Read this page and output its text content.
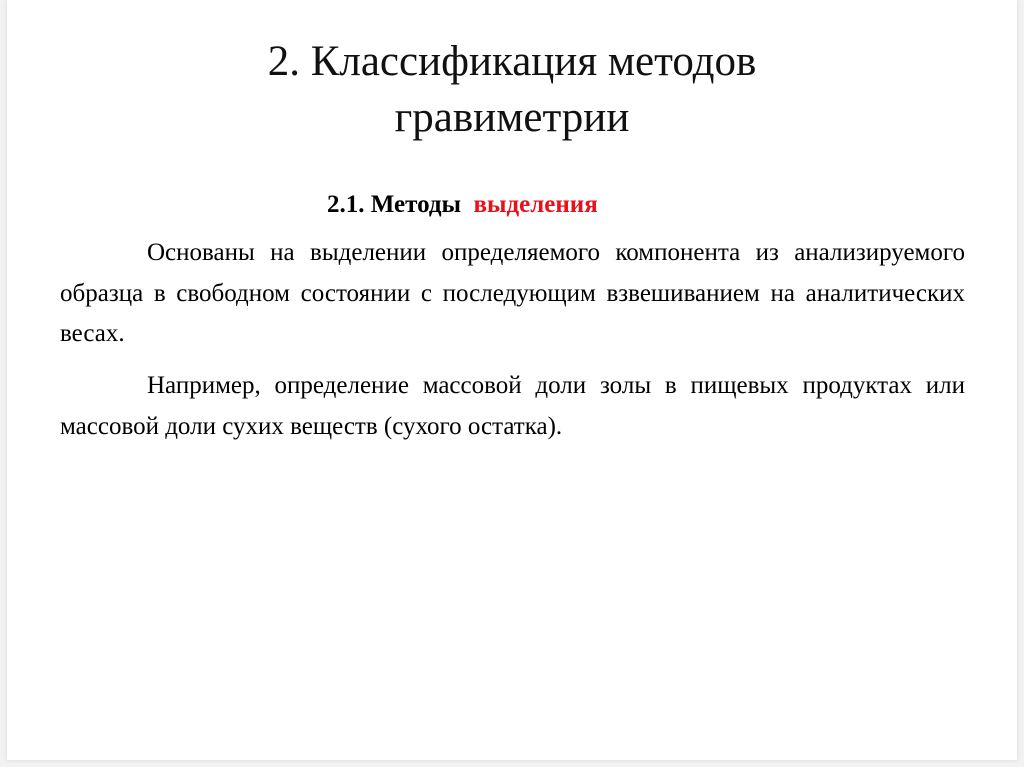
2. Классификация методов
гравиметрии
2.1. Методы выделения

Основаны на выделении определяемого компонента из анализируемого образца в свободном состоянии с последующим взвешиванием на аналитических весах.

Например, определение массовой доли золы в пищевых продуктах или массовой доли сухих веществ (сухого остатка).
